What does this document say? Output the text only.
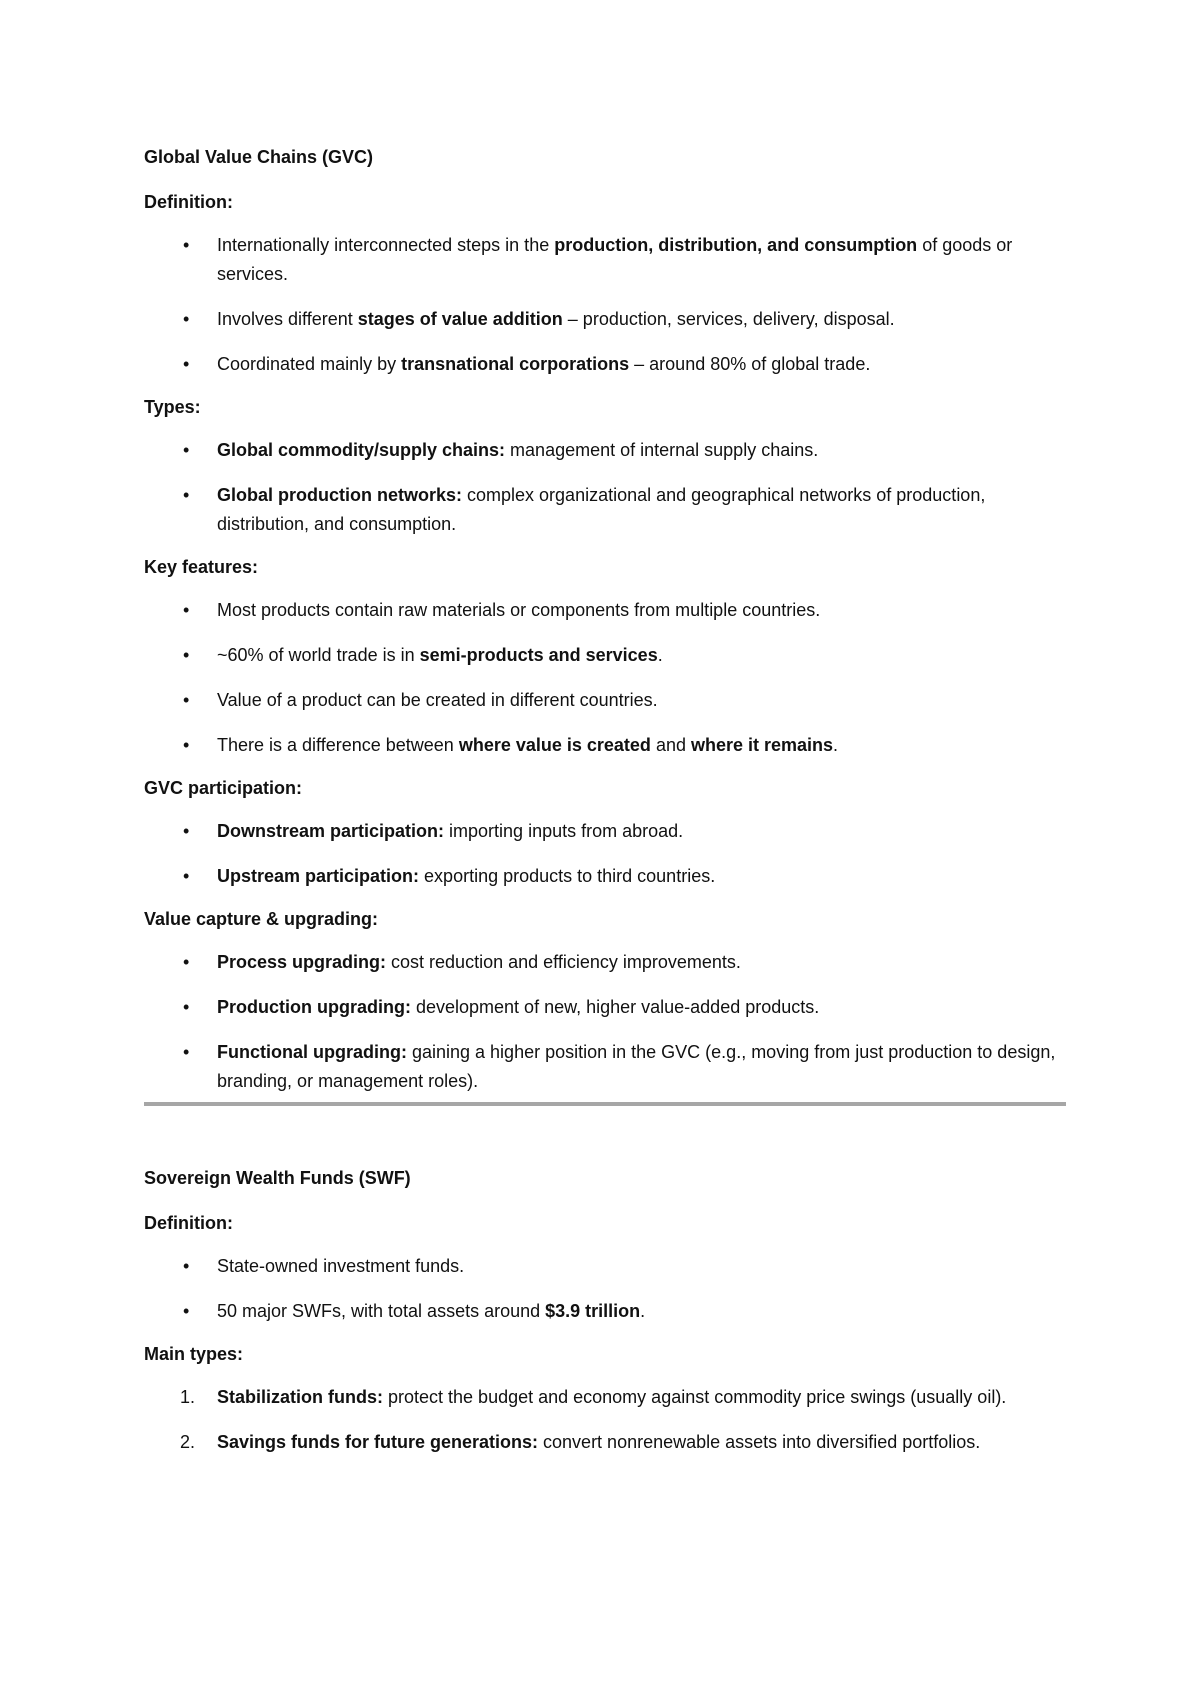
Global Value Chains (GVC)
Definition:
• Internationally interconnected steps in the production, distribution, and consumption of goods or services.
• Involves different stages of value addition – production, services, delivery, disposal.
• Coordinated mainly by transnational corporations – around 80% of global trade.
Types:
• Global commodity/supply chains: management of internal supply chains.
• Global production networks: complex organizational and geographical networks of production, distribution, and consumption.
Key features:
• Most products contain raw materials or components from multiple countries.
• ~60% of world trade is in semi-products and services.
• Value of a product can be created in different countries.
• There is a difference between where value is created and where it remains.
GVC participation:
• Downstream participation: importing inputs from abroad.
• Upstream participation: exporting products to third countries.
Value capture & upgrading:
• Process upgrading: cost reduction and efficiency improvements.
• Production upgrading: development of new, higher value-added products.
• Functional upgrading: gaining a higher position in the GVC (e.g., moving from just production to design, branding, or management roles).
Sovereign Wealth Funds (SWF)
Definition:
• State-owned investment funds.
• 50 major SWFs, with total assets around $3.9 trillion.
Main types:
1. Stabilization funds: protect the budget and economy against commodity price swings (usually oil).
2. Savings funds for future generations: convert nonrenewable assets into diversified portfolios.
